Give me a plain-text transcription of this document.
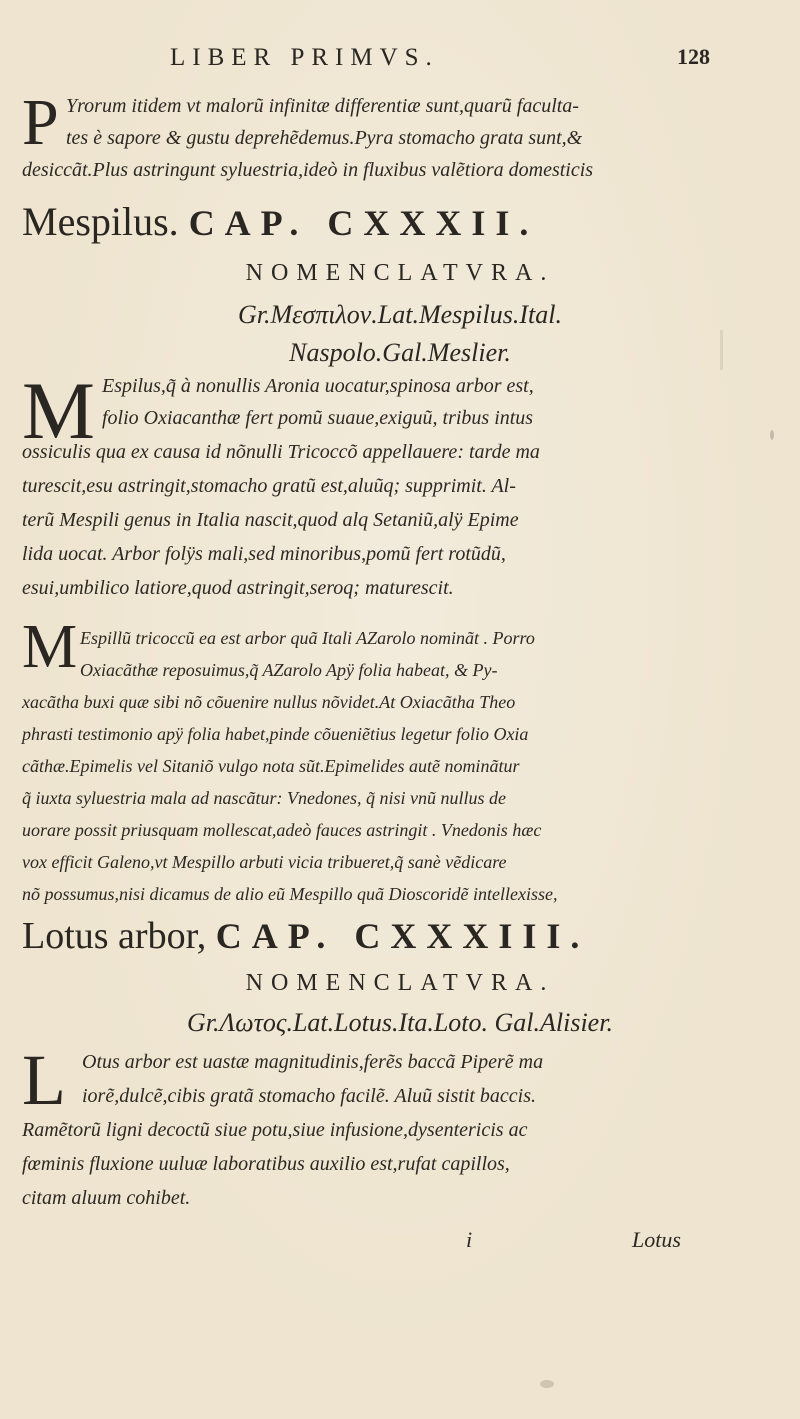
LIBER PRIMVS.	128
P Yrorum itidem vt malorũ infinitæ differentiæ sunt,quarũ faculta-
tes è sapore & gustu deprehẽdemus.Pyra stomacho grata sunt,&
desiccãt.Plus astringunt syluestria,ideò in fluxibus valẽtiora domesticis
Mespilus. CAP. CXXXII.
NOMENCLATVRA.
Gr.Μεσπιλον.Lat.Mespilus.Ital.
Naspolo.Gal.Meslier.
M Espilus,q̃ à nonullis Aronia uocatur,spinosa arbor est,
folio Oxiacanthæ fert pomũ suaue,exiguũ, tribus intus
ossiculis qua ex causa id nõnulli Tricoccõ appellauere: tarde ma
turescit,esu astringit,stomacho gratũ est,aluũq; supprimit. Al-
terũ Mespili genus in Italia nascit,quod alq Setaniũ,alÿ Epime
lida uocat. Arbor folÿs mali,sed minoribus,pomũ fert rotũdũ,
esui,umbilico latiore,quod astringit,seroq; maturescit.
M Espillũ tricoccũ ea est arbor quã Itali AZarolo nominãt . Porro
Oxiacãthæ reposuimus,q̃ AZarolo Apÿ folia habeat, & Py-
xacãtha buxi quæ sibi nõ cõuenire nullus nõvidet.At Oxiacãtha Theo
phrasti testimonio apÿ folia habet,pinde cõueniẽtius legetur folio Oxia
cãthæ.Epimelis vel Sitaniõ vulgo nota sũt.Epimelides autẽ nominãtur
q̃ iuxta syluestria mala ad nascãtur: Vnedones, q̃ nisi vnũ nullus de
uorare possit priusquam mollescat,adeò fauces astringit . Vnedonis hæc
vox efficit Galeno,vt Mespillo arbuti vicia tribueret,q̃ sanè vẽdicare
nõ possumus,nisi dicamus de alio eũ Mespillo quã Dioscoridẽ intellexisse,
Lotus arbor, CAP. CXXXIII.
NOMENCLATVRA.
Gr.Λωτος.Lat.Lotus.Ita.Loto. Gal.Alisier.
L Otus arbor est uastæ magnitudinis,ferẽs baccã Piperẽ ma
iorẽ,dulcẽ,cibis gratã stomacho facilẽ. Aluũ sistit baccis.
Ramẽtorũ ligni decoctũ siue potu,siue infusione,dysentericis ac
fœminis fluxione uuluæ laboratibus auxilio est,rufat capillos,
citam aluum cohibet.
i	Lotus
